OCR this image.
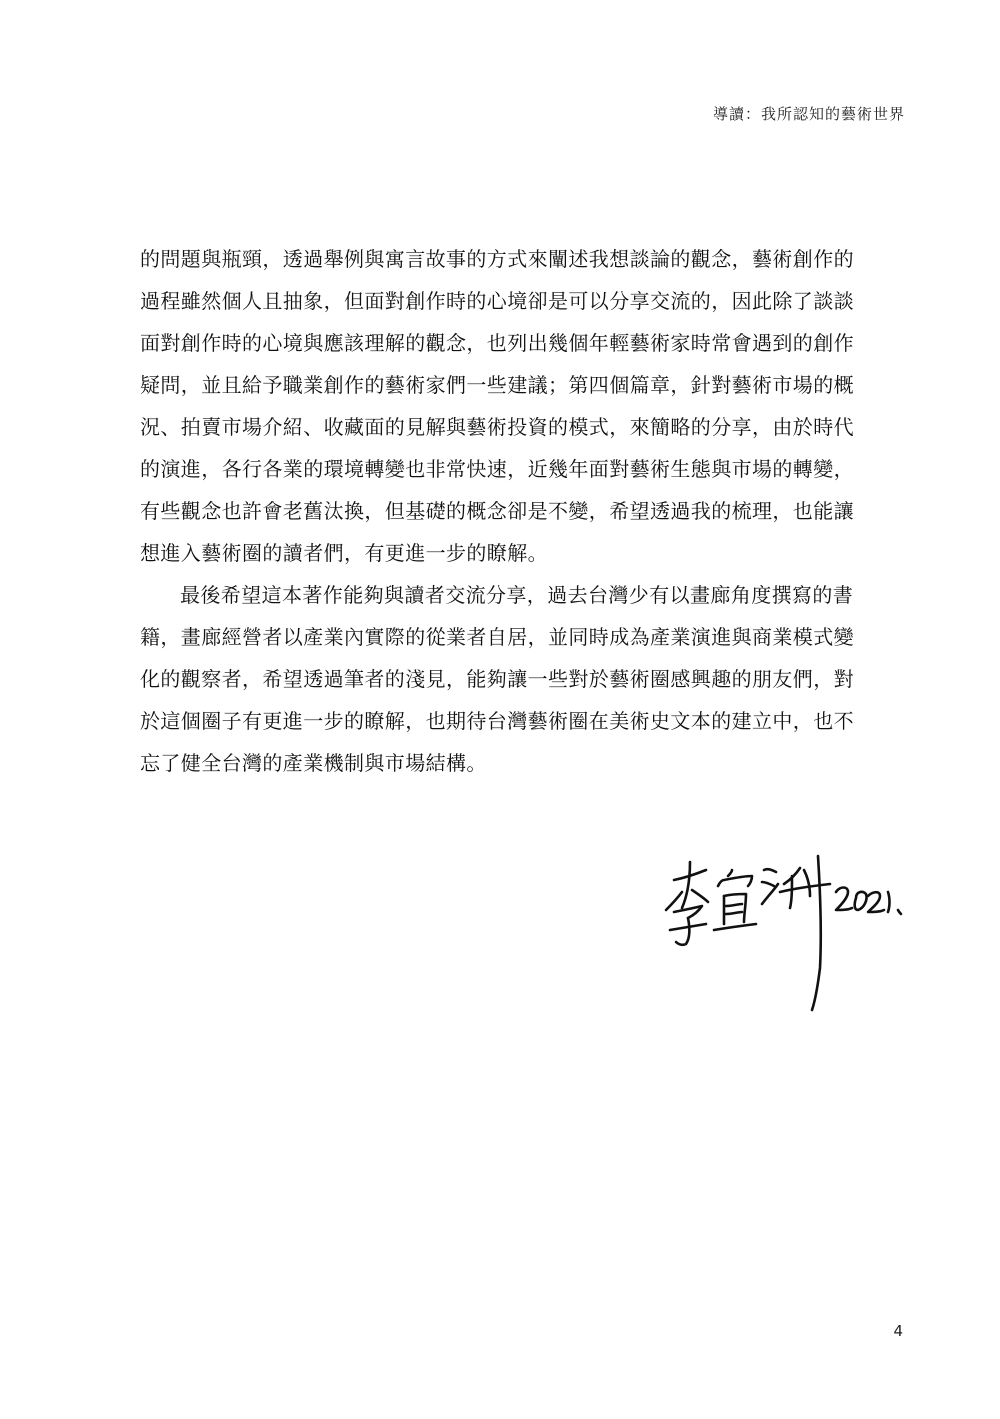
導讀：我所認知的藝術世界
的問題與瓶頸，透過舉例與寓言故事的方式來闡述我想談論的觀念，藝術創作的
過程雖然個人且抽象，但面對創作時的心境卻是可以分享交流的，因此除了談談
面對創作時的心境與應該理解的觀念，也列出幾個年輕藝術家時常會遇到的創作
疑問，並且給予職業創作的藝術家們一些建議；第四個篇章，針對藝術市場的概
況、拍賣市場介紹、收藏面的見解與藝術投資的模式，來簡略的分享，由於時代
的演進，各行各業的環境轉變也非常快速，近幾年面對藝術生態與市場的轉變，
有些觀念也許會老舊汰換，但基礎的概念卻是不變，希望透過我的梳理，也能讓
想進入藝術圈的讀者們，有更進一步的瞭解。
最後希望這本著作能夠與讀者交流分享，過去台灣少有以畫廊角度撰寫的書
籍，畫廊經營者以產業內實際的從業者自居，並同時成為產業演進與商業模式變
化的觀察者，希望透過筆者的淺見，能夠讓一些對於藝術圈感興趣的朋友們，對
於這個圈子有更進一步的瞭解，也期待台灣藝術圈在美術史文本的建立中，也不
忘了健全台灣的產業機制與市場結構。
4
